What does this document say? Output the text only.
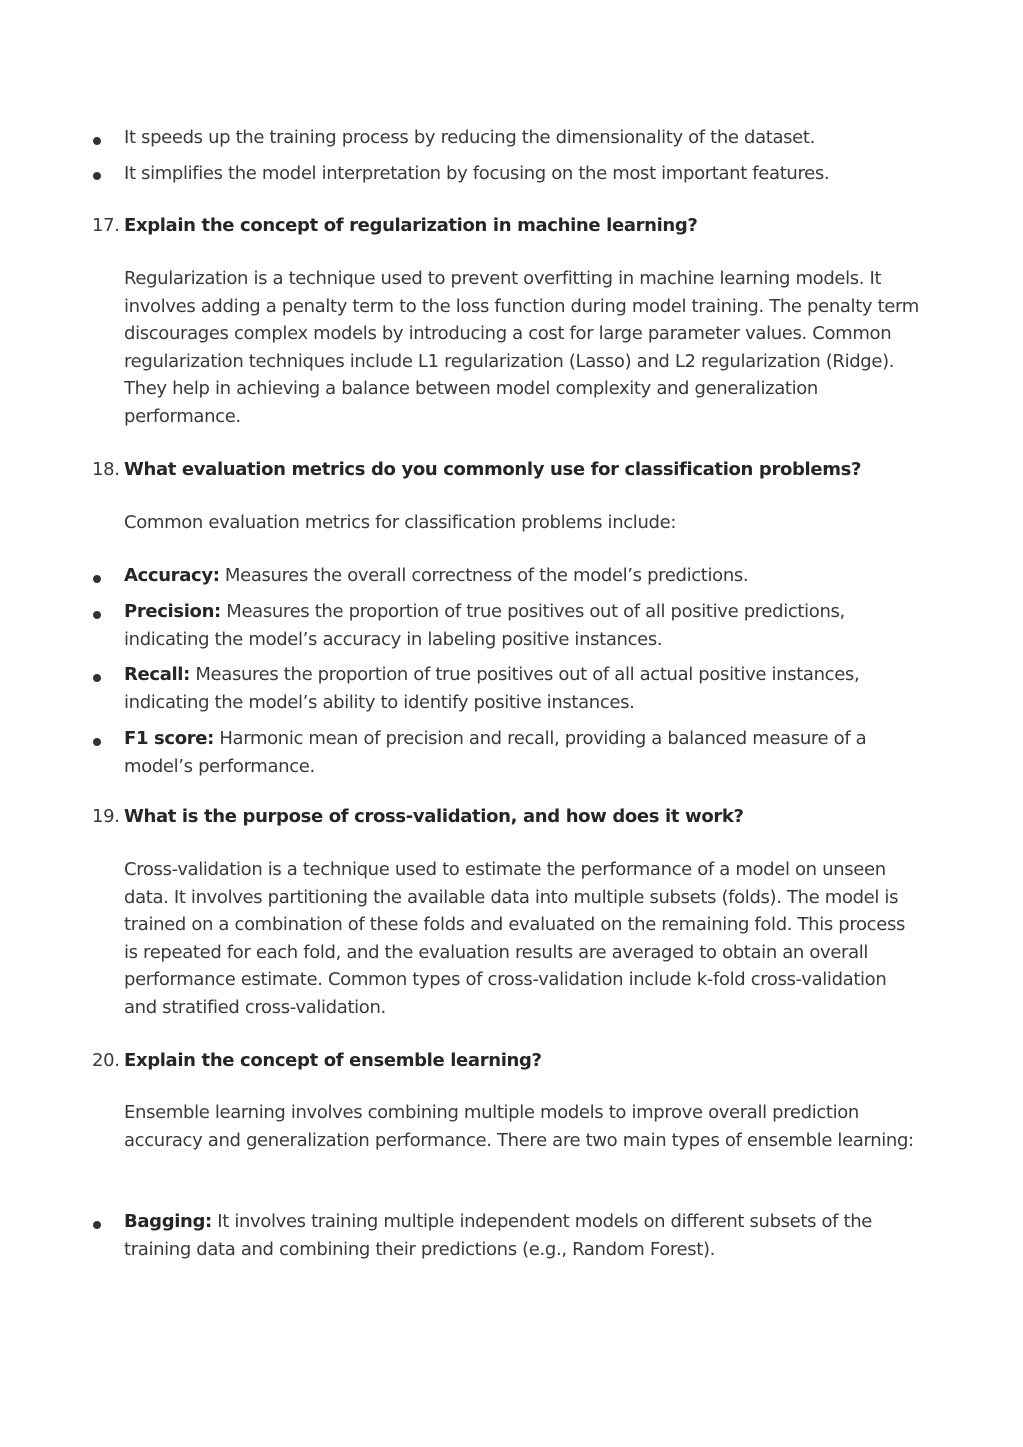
It speeds up the training process by reducing the dimensionality of the dataset.
It simplifies the model interpretation by focusing on the most important features.
17. Explain the concept of regularization in machine learning?
Regularization is a technique used to prevent overfitting in machine learning models. It involves adding a penalty term to the loss function during model training. The penalty term discourages complex models by introducing a cost for large parameter values. Common regularization techniques include L1 regularization (Lasso) and L2 regularization (Ridge). They help in achieving a balance between model complexity and generalization performance.
18. What evaluation metrics do you commonly use for classification problems?
Common evaluation metrics for classification problems include:
Accuracy: Measures the overall correctness of the model’s predictions.
Precision: Measures the proportion of true positives out of all positive predictions, indicating the model’s accuracy in labeling positive instances.
Recall: Measures the proportion of true positives out of all actual positive instances, indicating the model’s ability to identify positive instances.
F1 score: Harmonic mean of precision and recall, providing a balanced measure of a model’s performance.
19. What is the purpose of cross-validation, and how does it work?
Cross-validation is a technique used to estimate the performance of a model on unseen data. It involves partitioning the available data into multiple subsets (folds). The model is trained on a combination of these folds and evaluated on the remaining fold. This process is repeated for each fold, and the evaluation results are averaged to obtain an overall performance estimate. Common types of cross-validation include k-fold cross-validation and stratified cross-validation.
20. Explain the concept of ensemble learning?
Ensemble learning involves combining multiple models to improve overall prediction accuracy and generalization performance. There are two main types of ensemble learning:
Bagging: It involves training multiple independent models on different subsets of the training data and combining their predictions (e.g., Random Forest).
